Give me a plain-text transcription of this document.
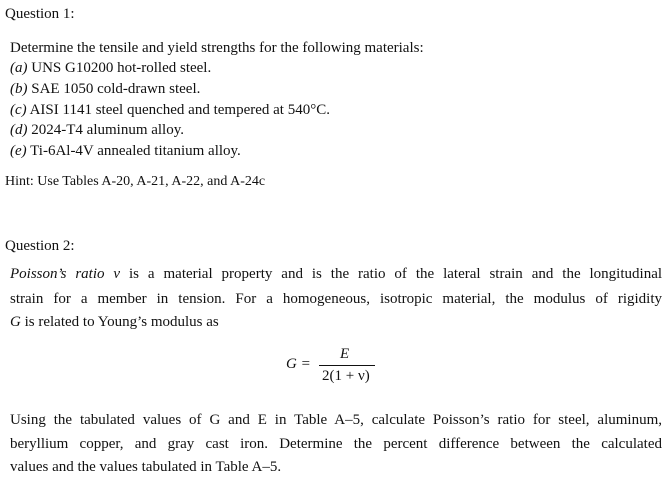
Question 1:
Determine the tensile and yield strengths for the following materials:
(a) UNS G10200 hot-rolled steel.
(b) SAE 1050 cold-drawn steel.
(c) AISI 1141 steel quenched and tempered at 540°C.
(d) 2024-T4 aluminum alloy.
(e) Ti-6Al-4V annealed titanium alloy.
Hint: Use Tables A-20, A-21, A-22, and A-24c
Question 2:
Poisson’s ratio ν is a material property and is the ratio of the lateral strain and the longitudinal
strain for a member in tension. For a homogeneous, isotropic material, the modulus of rigidity
G is related to Young’s modulus as
G =
E
2(1 + ν)
Using the tabulated values of G and E in Table A–5, calculate Poisson’s ratio for steel, aluminum,
beryllium copper, and gray cast iron. Determine the percent difference between the calculated
values and the values tabulated in Table A–5.
